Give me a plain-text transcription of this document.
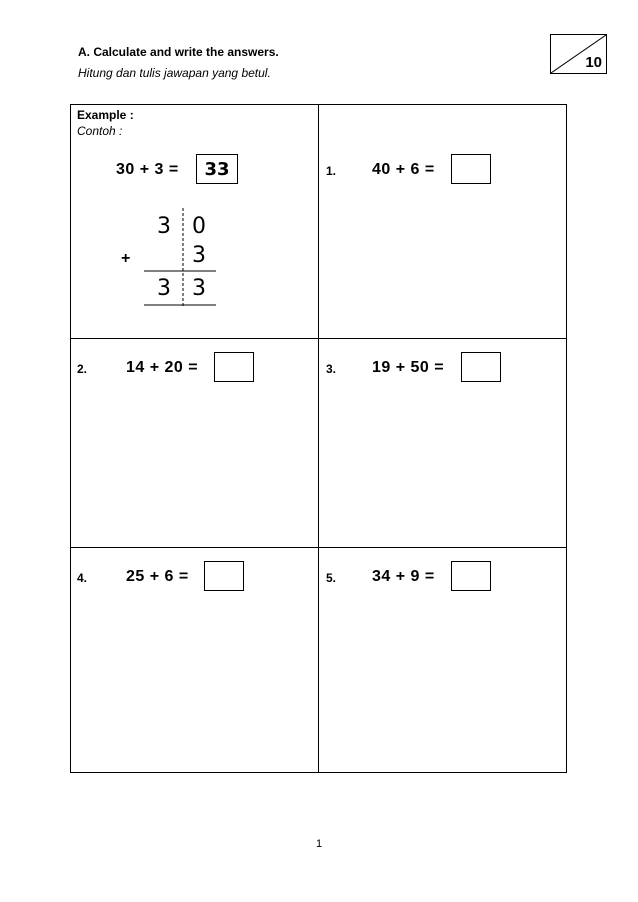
A. Calculate and write the answers.
Hitung dan tulis jawapan yang betul.
10
Example :
Contoh :
30 + 3 = 33
3 0
3
+
3 3
1. 40 + 6 =
2. 14 + 20 =	3. 19 + 50 =
4. 25 + 6 =	5. 34 + 9 =
1
